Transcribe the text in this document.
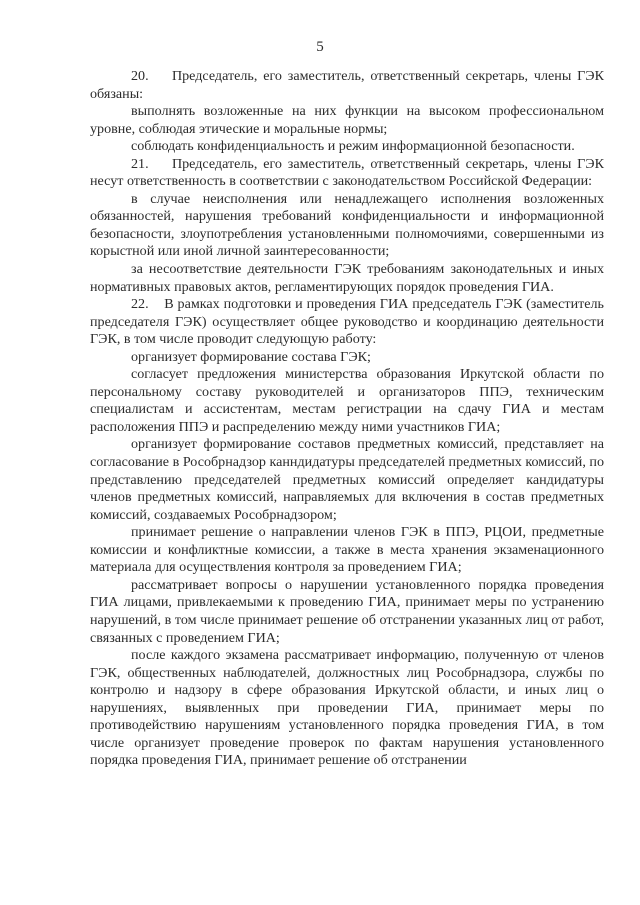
5

20.    Председатель, его заместитель, ответственный секретарь, члены ГЭК обязаны:

выполнять возложенные на них функции на высоком профессиональном уровне, соблюдая этические и моральные нормы;

соблюдать конфиденциальность и режим информационной безопасности.

21.    Председатель, его заместитель, ответственный секретарь, члены ГЭК несут ответственность в соответствии с законодательством Российской Федерации:

в случае неисполнения или ненадлежащего исполнения возложенных обязанностей, нарушения требований конфиденциальности и информационной безопасности, злоупотребления установленными полномочиями, совершенными из корыстной или иной личной заинтересованности;

за несоответствие деятельности ГЭК требованиям законодательных и иных нормативных правовых актов, регламентирующих порядок проведения ГИА.

22.    В рамках подготовки и проведения ГИА председатель ГЭК (заместитель председателя ГЭК) осуществляет общее руководство и координацию деятельности ГЭК, в том числе проводит следующую работу:

организует формирование состава ГЭК;

согласует предложения министерства образования Иркутской области по персональному составу руководителей и организаторов ППЭ, техническим специалистам и ассистентам, местам регистрации на сдачу ГИА и местам расположения ППЭ и распределению между ними участников ГИА;

организует формирование составов предметных комиссий, представляет на согласование в Рособрнадзор канндидатуры председателей предметных комиссий, по представлению председателей предметных комиссий определяет кандидатуры членов предметных комиссий, направляемых для включения в состав предметных комиссий, создаваемых Рособрнадзором;

принимает решение о направлении членов ГЭК в ППЭ, РЦОИ, предметные комиссии и конфликтные комиссии, а также в места хранения экзаменационного материала для осуществления контроля за проведением ГИА;

рассматривает вопросы о нарушении установленного порядка проведения ГИА лицами, привлекаемыми к проведению ГИА, принимает меры по устранению нарушений, в том числе принимает решение об отстранении указанных лиц от работ, связанных с проведением ГИА;

после каждого экзамена рассматривает информацию, полученную от членов ГЭК, общественных наблюдателей, должностных лиц Рособрнадзора, службы по контролю и надзору в сфере образования Иркутской области, и иных лиц о нарушениях, выявленных при проведении ГИА, принимает меры по противодействию нарушениям установленного порядка проведения ГИА, в том числе организует проведение проверок по фактам нарушения установленного порядка проведения ГИА, принимает решение об отстранении
